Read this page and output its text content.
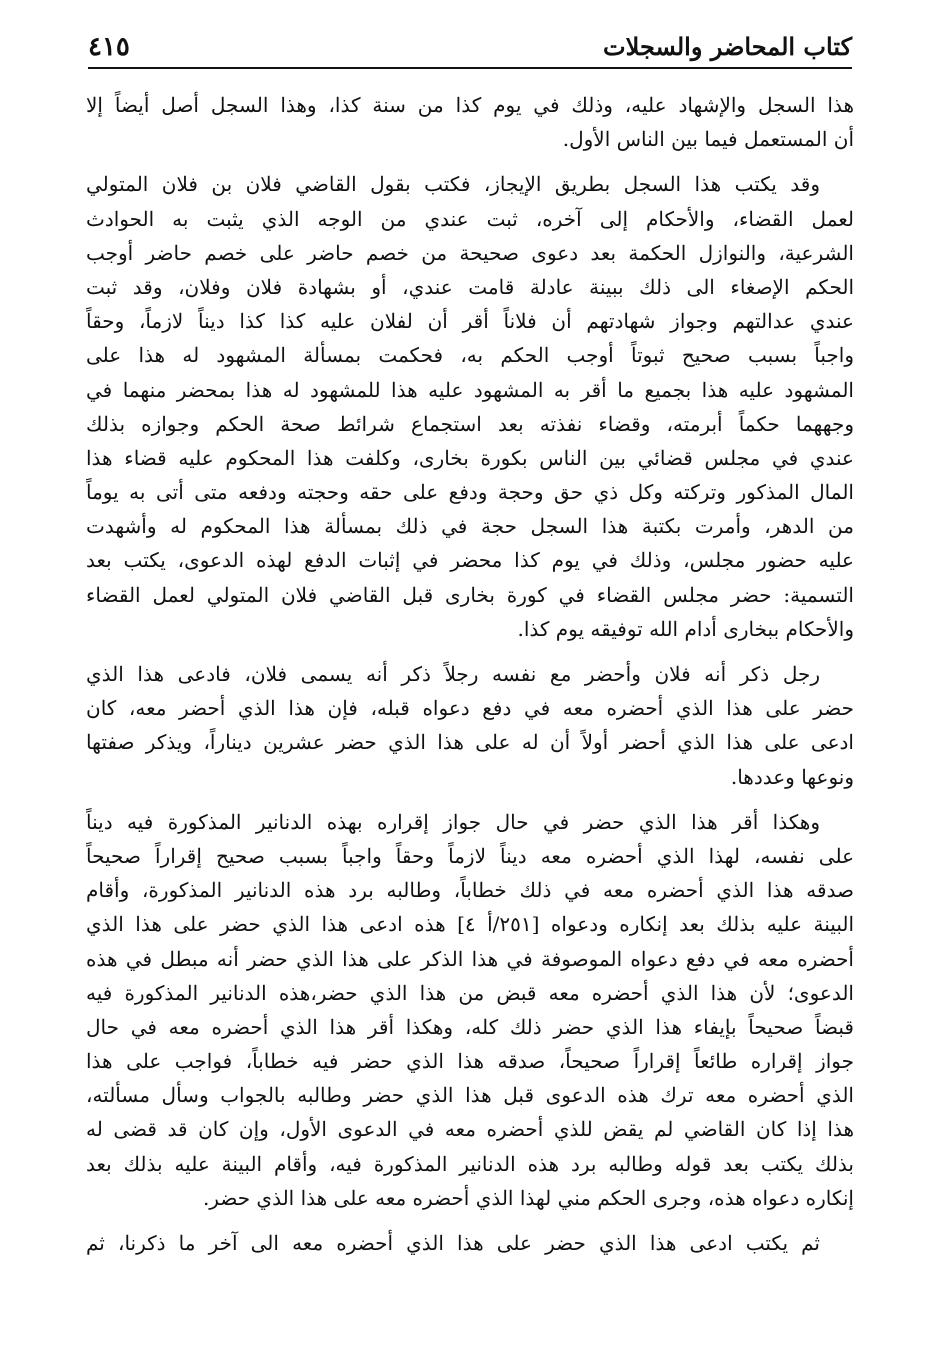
كتاب المحاضر والسجلات
٤١٥
هذا السجل والإشهاد عليه، وذلك في يوم كذا من سنة كذا، وهذا السجل أصل أيضاً إلا
أن المستعمل فيما بين الناس الأول.
وقد يكتب هذا السجل بطريق الإيجاز، فكتب بقول القاضي فلان بن فلان المتولي
لعمل القضاء، والأحكام إلى آخره، ثبت عندي من الوجه الذي يثبت به الحوادث
الشرعية، والنوازل الحكمة بعد دعوى صحيحة من خصم حاضر على خصم حاضر أوجب
الحكم الإصغاء الى ذلك ببينة عادلة قامت عندي، أو بشهادة فلان وفلان، وقد ثبت
عندي عدالتهم وجواز شهادتهم أن فلاناً أقر أن لفلان عليه كذا كذا ديناً لازماً، وحقاً
واجباً بسبب صحيح ثبوتاً أوجب الحكم به، فحكمت بمسألة المشهود له هذا على
المشهود عليه هذا بجميع ما أقر به المشهود عليه هذا للمشهود له هذا بمحضر منهما في
وجههما حكماً أبرمته، وقضاء نفذته بعد استجماع شرائط صحة الحكم وجوازه بذلك
عندي في مجلس قضائي بين الناس بكورة بخارى، وكلفت هذا المحكوم عليه قضاء هذا
المال المذكور وتركته وكل ذي حق وحجة ودفع على حقه وحجته ودفعه متى أتى به يوماً
من الدهر، وأمرت بكتبة هذا السجل حجة في ذلك بمسألة هذا المحكوم له وأشهدت
عليه حضور مجلس، وذلك في يوم كذا محضر في إثبات الدفع لهذه الدعوى، يكتب بعد
التسمية: حضر مجلس القضاء في كورة بخارى قبل القاضي فلان المتولي لعمل القضاء
والأحكام ببخارى أدام الله توفيقه يوم كذا.
رجل ذكر أنه فلان وأحضر مع نفسه رجلاً ذكر أنه يسمى فلان، فادعى هذا الذي
حضر على هذا الذي أحضره معه في دفع دعواه قبله، فإن هذا الذي أحضر معه، كان
ادعى على هذا الذي أحضر أولاً أن له على هذا الذي حضر عشرين ديناراً، ويذكر صفتها
ونوعها وعددها.
وهكذا أقر هذا الذي حضر في حال جواز إقراره بهذه الدنانير المذكورة فيه ديناً
على نفسه، لهذا الذي أحضره معه ديناً لازماً وحقاً واجباً بسبب صحيح إقراراً صحيحاً
صدقه هذا الذي أحضره معه في ذلك خطاباً، وطالبه برد هذه الدنانير المذكورة، وأقام
البينة عليه بذلك بعد إنكاره ودعواه [٢٥١/أ ٤] هذه ادعى هذا الذي حضر على هذا الذي
أحضره معه في دفع دعواه الموصوفة في هذا الذكر على هذا الذي حضر أنه مبطل في هذه
الدعوى؛ لأن هذا الذي أحضره معه قبض من هذا الذي حضر،هذه الدنانير المذكورة فيه
قبضاً صحيحاً بإيفاء هذا الذي حضر ذلك كله، وهكذا أقر هذا الذي أحضره معه في حال
جواز إقراره طائعاً إقراراً صحيحاً، صدقه هذا الذي حضر فيه خطاباً، فواجب على هذا
الذي أحضره معه ترك هذه الدعوى قبل هذا الذي حضر وطالبه بالجواب وسأل مسألته،
هذا إذا كان القاضي لم يقض للذي أحضره معه في الدعوى الأول، وإن كان قد قضى له
بذلك يكتب بعد قوله وطالبه برد هذه الدنانير المذكورة فيه، وأقام البينة عليه بذلك بعد
إنكاره دعواه هذه، وجرى الحكم مني لهذا الذي أحضره معه على هذا الذي حضر.
ثم يكتب ادعى هذا الذي حضر على هذا الذي أحضره معه الى آخر ما ذكرنا، ثم
